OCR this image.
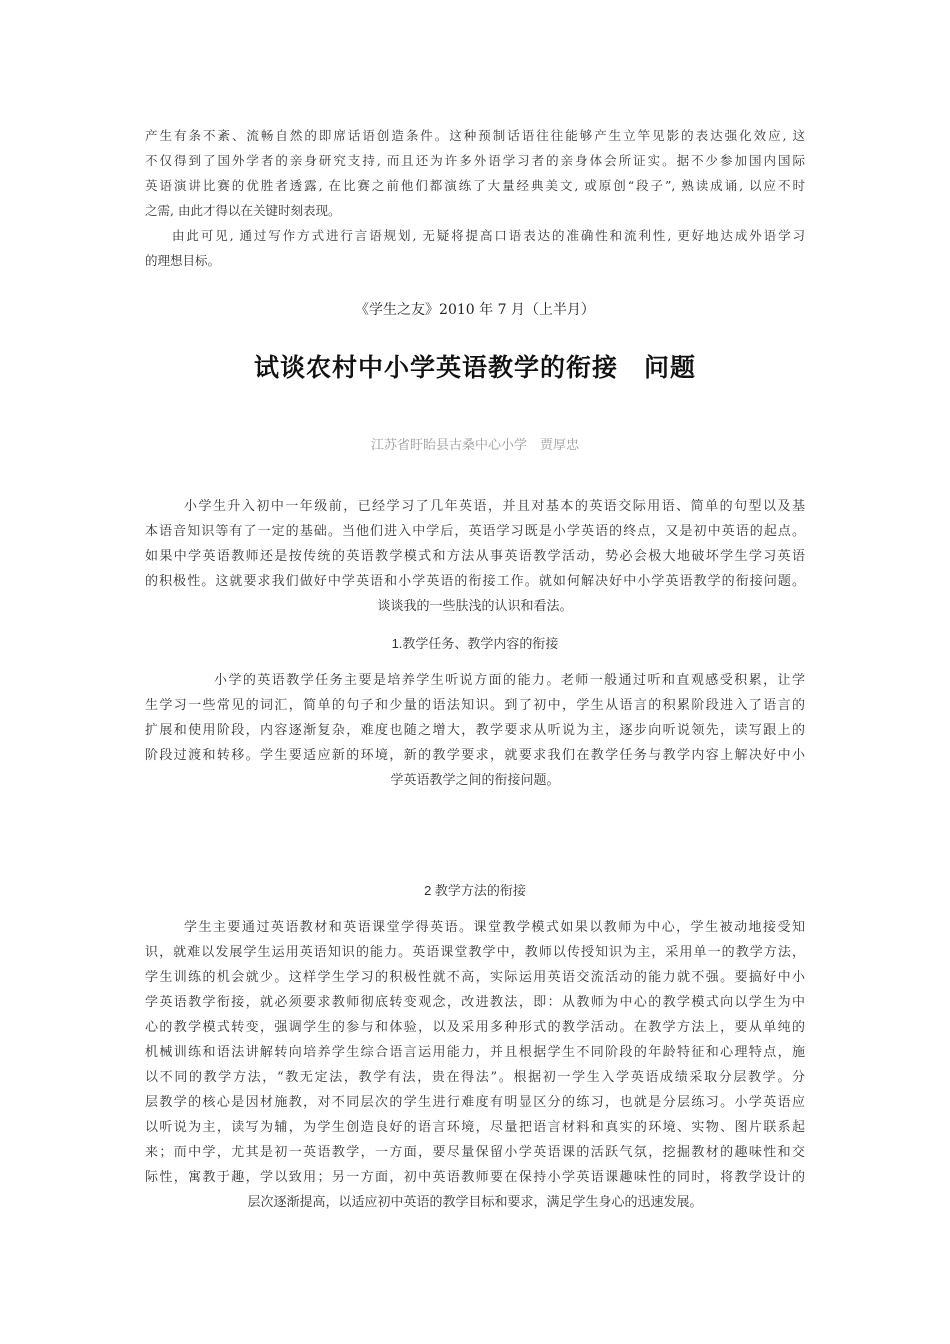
产生有条不紊、流畅自然的即席话语创造条件。这种预制话语往往能够产生立竿见影的表达强化效应, 这
不仅得到了国外学者的亲身研究支持, 而且还为许多外语学习者的亲身体会所证实。据不少参加国内国际
英语演讲比赛的优胜者透露, 在比赛之前他们都演练了大量经典美文, 或原创“段子”, 熟读成诵, 以应不时
之需, 由此才得以在关键时刻表现。
由此可见, 通过写作方式进行言语规划, 无疑将提高口语表达的准确性和流利性, 更好地达成外语学习
的理想目标。
《学生之友》2010 年 7 月（上半月）
试谈农村中小学英语教学的衔接　问题
江苏省盱眙县古桑中心小学　贾厚忠
小学生升入初中一年级前，已经学习了几年英语，并且对基本的英语交际用语、简单的句型以及基
本语音知识等有了一定的基础。当他们进入中学后，英语学习既是小学英语的终点，又是初中英语的起点。
如果中学英语教师还是按传统的英语教学模式和方法从事英语教学活动，势必会极大地破坏学生学习英语
的积极性。这就要求我们做好中学英语和小学英语的衔接工作。就如何解决好中小学英语教学的衔接问题。
谈谈我的一些肤浅的认识和看法。
1.教学任务、教学内容的衔接
小学的英语教学任务主要是培养学生听说方面的能力。老师一般通过听和直观感受积累，让学
生学习一些常见的词汇，简单的句子和少量的语法知识。到了初中，学生从语言的积累阶段进入了语言的
扩展和使用阶段，内容逐渐复杂，难度也随之增大，教学要求从听说为主，逐步向听说领先，读写跟上的
阶段过渡和转移。学生要适应新的环境，新的教学要求，就要求我们在教学任务与教学内容上解决好中小
学英语教学之间的衔接问题。
2 教学方法的衔接
学生主要通过英语教材和英语课堂学得英语。课堂教学模式如果以教师为中心，学生被动地接受知
识，就难以发展学生运用英语知识的能力。英语课堂教学中，教师以传授知识为主，采用单一的教学方法，
学生训练的机会就少。这样学生学习的积极性就不高，实际运用英语交流活动的能力就不强。要搞好中小
学英语教学衔接，就必须要求教师彻底转变观念，改进教法，即：从教师为中心的教学模式向以学生为中
心的教学模式转变，强调学生的参与和体验，以及采用多种形式的教学活动。在教学方法上，要从单纯的
机械训练和语法讲解转向培养学生综合语言运用能力，并且根据学生不同阶段的年龄特征和心理特点，施
以不同的教学方法，“教无定法，教学有法，贵在得法”。根据初一学生入学英语成绩采取分层教学。分
层教学的核心是因材施教，对不同层次的学生进行难度有明显区分的练习，也就是分层练习。小学英语应
以听说为主，读写为辅，为学生创造良好的语言环境，尽量把语言材料和真实的环境、实物、图片联系起
来；而中学，尤其是初一英语教学，一方面，要尽量保留小学英语课的活跃气氛，挖掘教材的趣味性和交
际性，寓教于趣，学以致用；另一方面，初中英语教师要在保持小学英语课趣味性的同时，将教学设计的
层次逐渐提高，以适应初中英语的教学目标和要求，满足学生身心的迅速发展。
